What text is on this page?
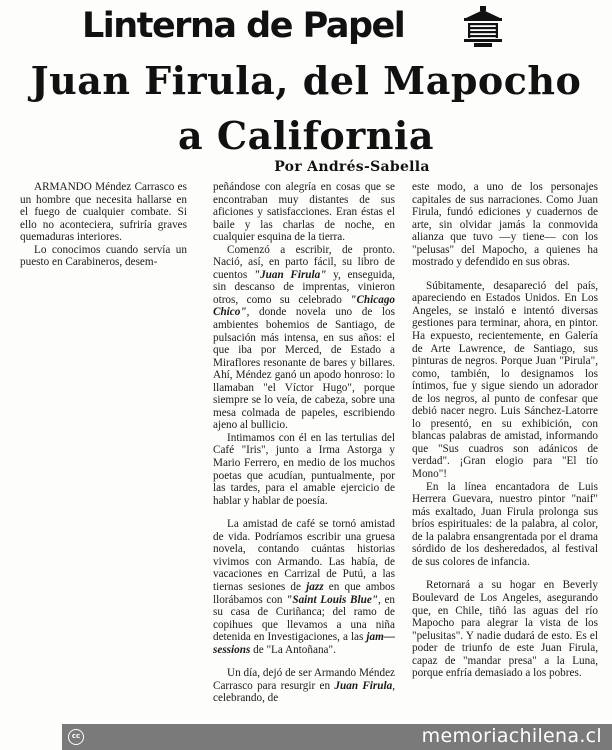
Linterna de Papel
Juan Firula, del Mapocho
a California
Por Andrés-Sabella

ARMANDO Méndez Carrasco es un hombre que necesita hallarse en el fuego de cualquier combate. Si ello no aconteciera, sufriría graves quemaduras interiores.

Lo conocimos cuando servía un puesto en Carabineros, desem-

peñándose con alegría en cosas que se encontraban muy distantes de sus aficiones y satisfacciones. Eran éstas el baile y las charlas de noche, en cualquier esquina de la tierra.

Comenzó a escribir, de pronto. Nació, así, en parto fácil, su libro de cuentos "Juan Firula" y, enseguida, sin descanso de imprentas, vinieron otros, como su celebrado "Chicago Chico", donde novela uno de los ambientes bohemios de Santiago, de pulsación más intensa, en sus años: el que iba por Merced, de Estado a Miraflores resonante de bares y billares. Ahí, Méndez ganó un apodo honroso: lo llamaban "el Víctor Hugo", porque siempre se lo veía, de cabeza, sobre una mesa colmada de papeles, escribiendo ajeno al bullicio.

Intimamos con él en las tertulias del Café "Iris", junto a Irma Astorga y Mario Ferrero, en medio de los muchos poetas que acudían, puntualmente, por las tardes, para el amable ejercicio de hablar y hablar de poesía.

La amistad de café se tornó amistad de vida. Podríamos escribir una gruesa novela, contando cuántas historias vivimos con Armando. Las había, de vacaciones en Carrizal de Putú, a las tiernas sesiones de jazz en que ambos llorábamos con "Saint Louis Blue", en su casa de Curiñanca; del ramo de copihues que llevamos a una niña detenida en Investigaciones, a las jam—sessions de "La Antoñana".

Un día, dejó de ser Armando Méndez Carrasco para resurgir en Juan Firula, celebrando, de

este modo, a uno de los personajes capitales de sus narraciones. Como Juan Firula, fundó ediciones y cuadernos de arte, sin olvidar jamás la conmovida alianza que tuvo —y tiene— con los "pelusas" del Mapocho, a quienes ha mostrado y defendido en sus obras.

Súbitamente, desapareció del país, apareciendo en Estados Unidos. En Los Angeles, se instaló e intentó diversas gestiones para terminar, ahora, en pintor. Ha expuesto, recientemente, en Galería de Arte Lawrence, de Santiago, sus pinturas de negros. Porque Juan "Pirula", como, también, lo designamos los íntimos, fue y sigue siendo un adorador de los negros, al punto de confesar que debió nacer negro. Luis Sánchez-Latorre lo presentó, en su exhibición, con blancas palabras de amistad, informando que "Sus cuadros son adánicos de verdad". ¡Gran elogio para "El tío Mono"!

En la línea encantadora de Luis Herrera Guevara, nuestro pintor "naif" más exaltado, Juan Firula prolonga sus bríos espirituales: de la palabra, al color, de la palabra ensangrentada por el drama sórdido de los desheredados, al festival de sus colores de infancia.

Retornará a su hogar en Beverly Boulevard de Los Angeles, asegurando que, en Chile, tiñó las aguas del río Mapocho para alegrar la vista de los "pelusitas". Y nadie dudará de esto. Es el poder de triunfo de este Juan Firula, capaz de "mandar presa" a la Luna, porque enfría demasiado a los pobres.

cc	memoriachilena.cl
